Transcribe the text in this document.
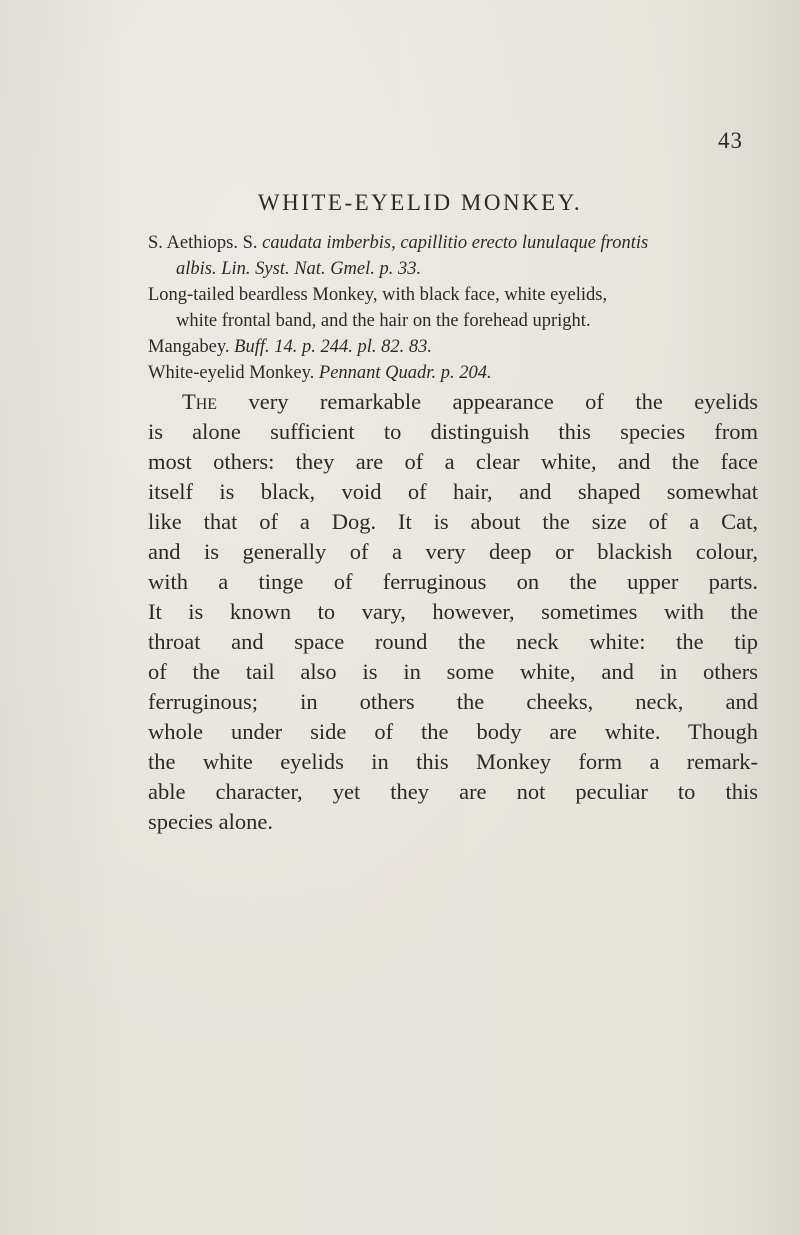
43
WHITE-EYELID MONKEY.
S. Aethiops. S. caudata imberbis, capillitio erecto lunulaque frontis
albis. Lin. Syst. Nat. Gmel. p. 33.
Long-tailed beardless Monkey, with black face, white eyelids,
white frontal band, and the hair on the forehead upright.
Mangabey. Buff. 14. p. 244. pl. 82. 83.
White-eyelid Monkey. Pennant Quadr. p. 204.
The very remarkable appearance of the eyelids
is alone sufficient to distinguish this species from
most others: they are of a clear white, and the face
itself is black, void of hair, and shaped somewhat
like that of a Dog. It is about the size of a Cat,
and is generally of a very deep or blackish colour,
with a tinge of ferruginous on the upper parts.
It is known to vary, however, sometimes with the
throat and space round the neck white: the tip
of the tail also is in some white, and in others
ferruginous; in others the cheeks, neck, and
whole under side of the body are white. Though
the white eyelids in this Monkey form a remark-
able character, yet they are not peculiar to this
species alone.
